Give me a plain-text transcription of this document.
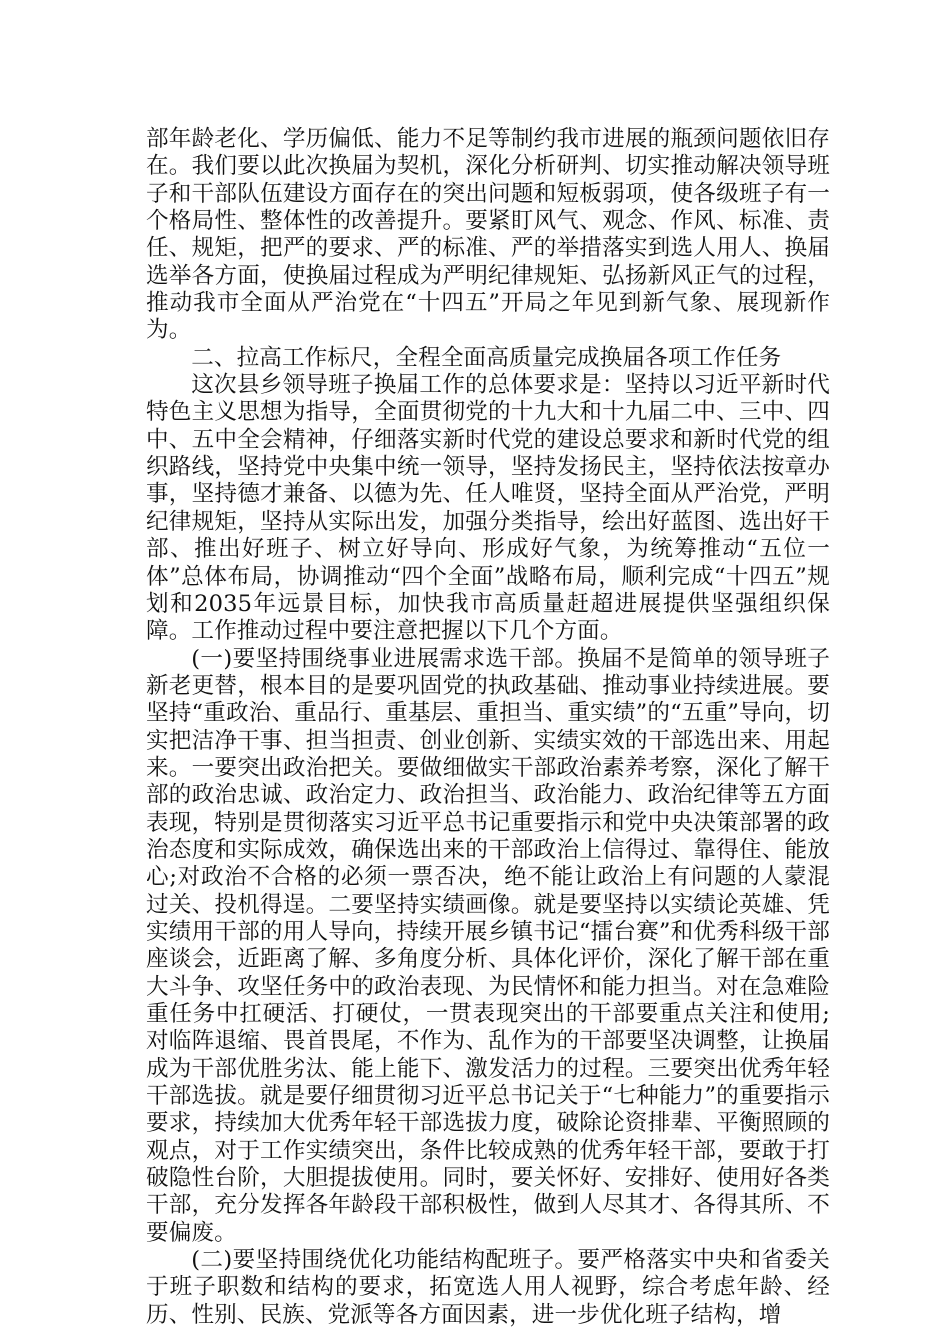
部年龄老化、学历偏低、能力不足等制约我市进展的瓶颈问题依旧存在。我们要以此次换届为契机，深化分析研判、切实推动解决领导班子和干部队伍建设方面存在的突出问题和短板弱项，使各级班子有一个格局性、整体性的改善提升。要紧盯风气、观念、作风、标准、责任、规矩，把严的要求、严的标准、严的举措落实到选人用人、换届选举各方面，使换届过程成为严明纪律规矩、弘扬新风正气的过程，推动我市全面从严治党在“十四五”开局之年见到新气象、展现新作为。

二、拉高工作标尺，全程全面高质量完成换届各项工作任务

这次县乡领导班子换届工作的总体要求是：坚持以习近平新时代特色主义思想为指导，全面贯彻党的十九大和十九届二中、三中、四中、五中全会精神，仔细落实新时代党的建设总要求和新时代党的组织路线，坚持党中央集中统一领导，坚持发扬民主，坚持依法按章办事，坚持德才兼备、以德为先、任人唯贤，坚持全面从严治党，严明纪律规矩，坚持从实际出发，加强分类指导，绘出好蓝图、选出好干部、推出好班子、树立好导向、形成好气象，为统筹推动“五位一体”总体布局，协调推动“四个全面”战略布局，顺利完成“十四五”规划和2035年远景目标，加快我市高质量赶超进展提供坚强组织保障。工作推动过程中要注意把握以下几个方面。

(一)要坚持围绕事业进展需求选干部。换届不是简单的领导班子新老更替，根本目的是要巩固党的执政基础、推动事业持续进展。要坚持“重政治、重品行、重基层、重担当、重实绩”的“五重”导向，切实把洁净干事、担当担责、创业创新、实绩实效的干部选出来、用起来。一要突出政治把关。要做细做实干部政治素养考察，深化了解干部的政治忠诚、政治定力、政治担当、政治能力、政治纪律等五方面表现，特别是贯彻落实习近平总书记重要指示和党中央决策部署的政治态度和实际成效，确保选出来的干部政治上信得过、靠得住、能放心;对政治不合格的必须一票否决，绝不能让政治上有问题的人蒙混过关、投机得逞。二要坚持实绩画像。就是要坚持以实绩论英雄、凭实绩用干部的用人导向，持续开展乡镇书记“擂台赛”和优秀科级干部座谈会，近距离了解、多角度分析、具体化评价，深化了解干部在重大斗争、攻坚任务中的政治表现、为民情怀和能力担当。对在急难险重任务中扛硬活、打硬仗，一贯表现突出的干部要重点关注和使用;对临阵退缩、畏首畏尾，不作为、乱作为的干部要坚决调整，让换届成为干部优胜劣汰、能上能下、激发活力的过程。三要突出优秀年轻干部选拔。就是要仔细贯彻习近平总书记关于“七种能力”的重要指示要求，持续加大优秀年轻干部选拔力度，破除论资排辈、平衡照顾的观点，对于工作实绩突出，条件比较成熟的优秀年轻干部，要敢于打破隐性台阶，大胆提拔使用。同时，要关怀好、安排好、使用好各类干部，充分发挥各年龄段干部积极性，做到人尽其才、各得其所、不要偏废。

(二)要坚持围绕优化功能结构配班子。要严格落实中央和省委关于班子职数和结构的要求，拓宽选人用人视野，综合考虑年龄、经历、性别、民族、党派等各方面因素，进一步优化班子结构，增
